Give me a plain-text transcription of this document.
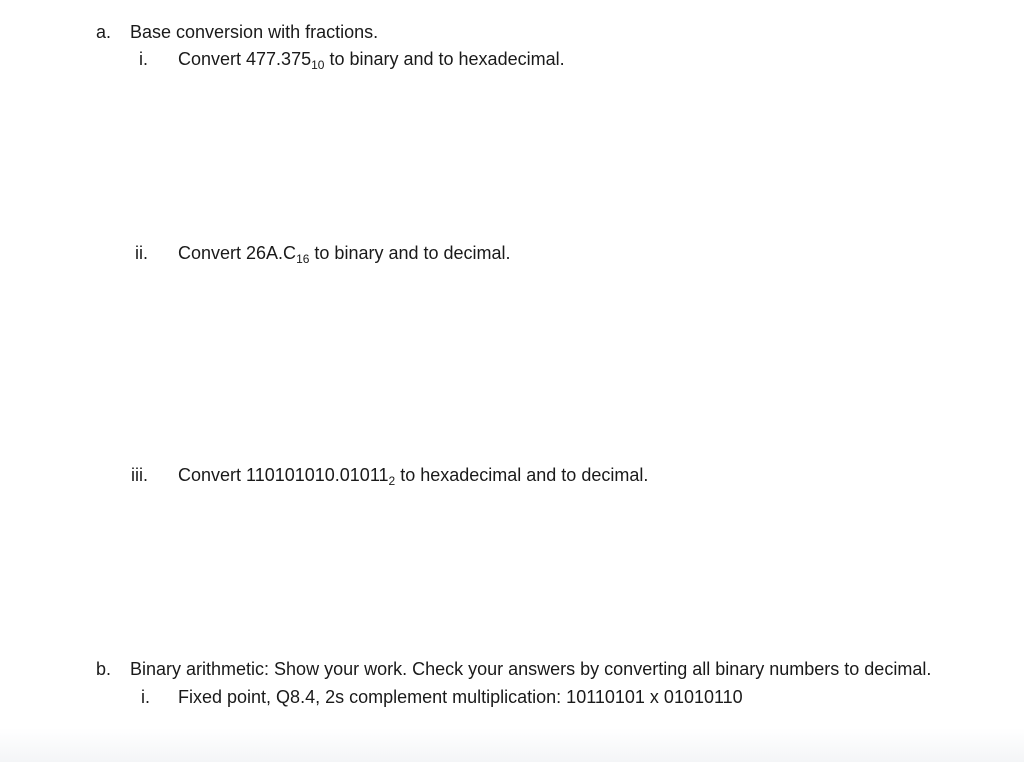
a. Base conversion with fractions.
i. Convert $477.375_{10}$ to binary and to hexadecimal.
ii. Convert $26A.C_{16}$ to binary and to decimal.
iii. Convert $110101010.01011_2$ to hexadecimal and to decimal.
b. Binary arithmetic: Show your work. Check your answers by converting all binary numbers to decimal.
i. Fixed point, Q8.4, 2s complement multiplication: 10110101 x 01010110
